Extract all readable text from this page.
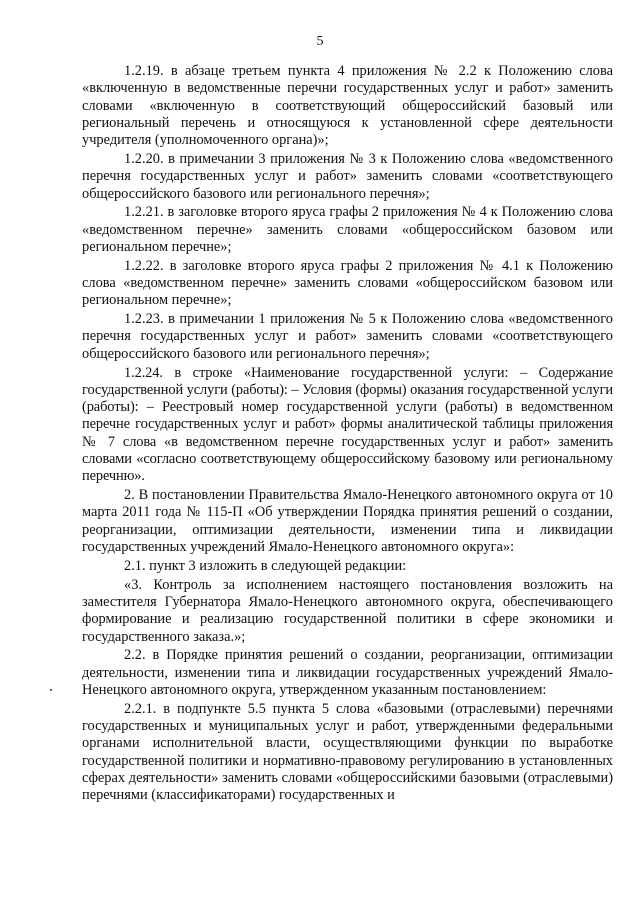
5

1.2.19. в абзаце третьем пункта 4 приложения № 2.2 к Положению слова «включенную в ведомственные перечни государственных услуг и работ» заменить словами «включенную в соответствующий общероссийский базовый или региональный перечень и относящуюся к установленной сфере деятельности учредителя (уполномоченного органа)»;

1.2.20. в примечании 3 приложения № 3 к Положению слова «ведомственного перечня государственных услуг и работ» заменить словами «соответствующего общероссийского базового или регионального перечня»;

1.2.21. в заголовке второго яруса графы 2 приложения № 4 к Положению слова «ведомственном перечне» заменить словами «общероссийском базовом или региональном перечне»;

1.2.22. в заголовке второго яруса графы 2 приложения № 4.1 к Положению слова «ведомственном перечне» заменить словами «общероссийском базовом или региональном перечне»;

1.2.23. в примечании 1 приложения № 5 к Положению слова «ведомственного перечня государственных услуг и работ» заменить словами «соответствующего общероссийского базового или регионального перечня»;

1.2.24. в строке «Наименование государственной услуги: – Содержание государственной услуги (работы): – Условия (формы) оказания государственной услуги (работы): – Реестровый номер государственной услуги (работы) в ведомственном перечне государственных услуг и работ» формы аналитической таблицы приложения № 7 слова «в ведомственном перечне государственных услуг и работ» заменить словами «согласно соответствующему общероссийскому базовому или региональному перечню».

2. В постановлении Правительства Ямало-Ненецкого автономного округа от 10 марта 2011 года № 115-П «Об утверждении Порядка принятия решений о создании, реорганизации, оптимизации деятельности, изменении типа и ликвидации государственных учреждений Ямало-Ненецкого автономного округа»:

2.1. пункт 3 изложить в следующей редакции:

«3. Контроль за исполнением настоящего постановления возложить на заместителя Губернатора Ямало-Ненецкого автономного округа, обеспечивающего формирование и реализацию государственной политики в сфере экономики и государственного заказа.»;

2.2. в Порядке принятия решений о создании, реорганизации, оптимизации деятельности, изменении типа и ликвидации государственных учреждений Ямало-Ненецкого автономного округа, утвержденном указанным постановлением:

2.2.1. в подпункте 5.5 пункта 5 слова «базовыми (отраслевыми) перечнями государственных и муниципальных услуг и работ, утвержденными федеральными органами исполнительной власти, осуществляющими функции по выработке государственной политики и нормативно-правовому регулированию в установленных сферах деятельности» заменить словами «общероссийскими базовыми (отраслевыми) перечнями (классификаторами) государственных и
